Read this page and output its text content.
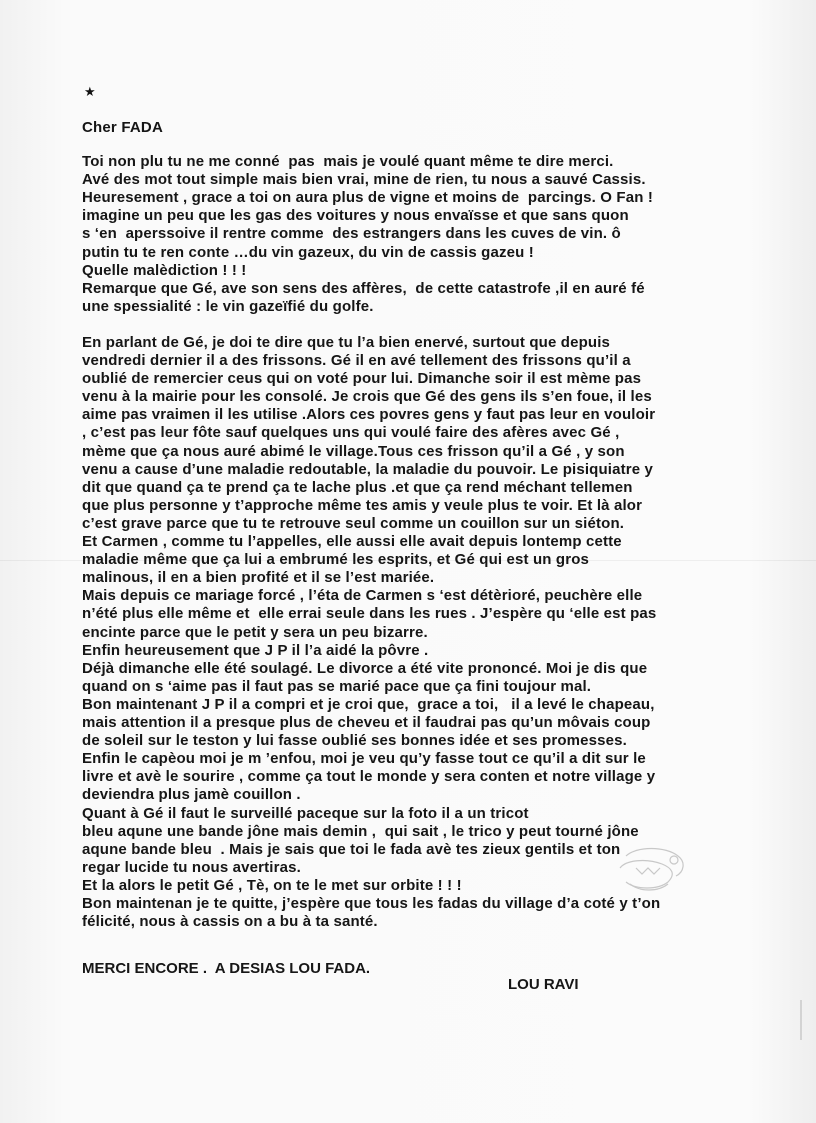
★
Cher FADA
Toi non plu tu ne me conné  pas  mais je voulé quant même te dire merci.
Avé des mot tout simple mais bien vrai, mine de rien, tu nous a sauvé Cassis.
Heuresement , grace a toi on aura plus de vigne et moins de  parcings. O Fan !
imagine un peu que les gas des voitures y nous envaïsse et que sans quon
s ‘en  aperssoive il rentre comme  des estrangers dans les cuves de vin. ô
putin tu te ren conte …du vin gazeux, du vin de cassis gazeu !
Quelle malèdiction ! ! !
Remarque que Gé, ave son sens des affères,  de cette catastrofe ,il en auré fé
une spessialité : le vin gazeïfié du golfe.
En parlant de Gé, je doi te dire que tu l’a bien enervé, surtout que depuis
vendredi dernier il a des frissons. Gé il en avé tellement des frissons qu’il a
oublié de remercier ceus qui on voté pour lui. Dimanche soir il est mème pas
venu à la mairie pour les consolé. Je crois que Gé des gens ils s’en foue, il les
aime pas vraimen il les utilise .Alors ces povres gens y faut pas leur en vouloir
, c’est pas leur fôte sauf quelques uns qui voulé faire des afères avec Gé ,
mème que ça nous auré abimé le village.Tous ces frisson qu’il a Gé , y son
venu a cause d’une maladie redoutable, la maladie du pouvoir. Le pisiquiatre y
dit que quand ça te prend ça te lache plus .et que ça rend méchant tellemen
que plus personne y t’approche même tes amis y veule plus te voir. Et là alor
c’est grave parce que tu te retrouve seul comme un couillon sur un siéton.
Et Carmen , comme tu l’appelles, elle aussi elle avait depuis lontemp cette
maladie même que ça lui a embrumé les esprits, et Gé qui est un gros
malinous, il en a bien profité et il se l’est mariée.
Mais depuis ce mariage forcé , l’éta de Carmen s ‘est détèrioré, peuchère elle
n’été plus elle même et  elle errai seule dans les rues . J’espère qu ‘elle est pas
encinte parce que le petit y sera un peu bizarre.
Enfin heureusement que J P il l’a aidé la pôvre .
Déjà dimanche elle été soulagé. Le divorce a été vite prononcé. Moi je dis que
quand on s ‘aime pas il faut pas se marié pace que ça fini toujour mal.
Bon maintenant J P il a compri et je croi que,  grace a toi,   il a levé le chapeau,
mais attention il a presque plus de cheveu et il faudrai pas qu’un môvais coup
de soleil sur le teston y lui fasse oublié ses bonnes idée et ses promesses.
Enfin le capèou moi je m ’enfou, moi je veu qu’y fasse tout ce qu’il a dit sur le
livre et avè le sourire , comme ça tout le monde y sera conten et notre village y
deviendra plus jamè couillon .
Quant à Gé il faut le surveillé paceque sur la foto il a un tricot
bleu aqune une bande jône mais demin ,  qui sait , le trico y peut tourné jône
aqune bande bleu  . Mais je sais que toi le fada avè tes zieux gentils et ton
regar lucide tu nous avertiras.
Et la alors le petit Gé , Tè, on te le met sur orbite ! ! !
Bon maintenan je te quitte, j’espère que tous les fadas du village d’a coté y t’on
félicité, nous à cassis on a bu à ta santé.
MERCI ENCORE .  A DESIAS LOU FADA.
LOU RAVI
